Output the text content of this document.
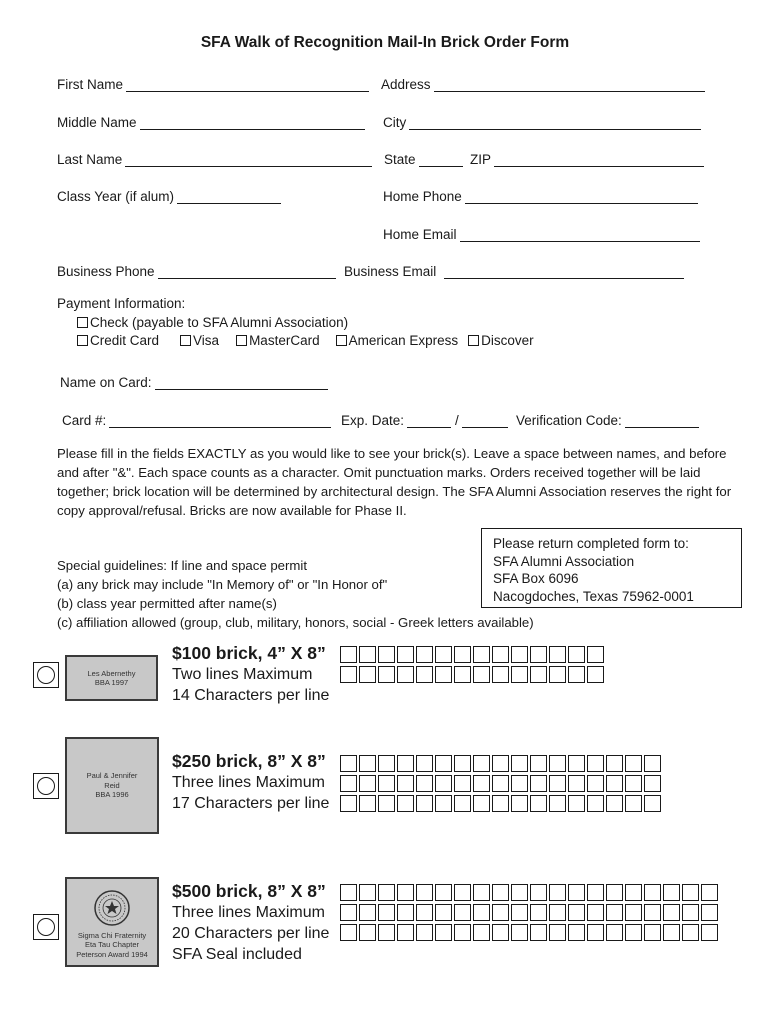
SFA Walk of Recognition Mail-In Brick Order Form
First Name	Address
Middle Name	City
Last Name	State	ZIP
Class Year (if alum)	Home Phone
Home Email
Business Phone	Business Email
Payment Information:
Check (payable to SFA Alumni Association)
Credit Card	Visa MasterCard American Express Discover
Name on Card:
Card #:	Exp. Date:	/	Verification Code:
Please fill in the fields EXACTLY as you would like to see your brick(s). Leave a space between names, and before and after "&". Each space counts as a character. Omit punctuation marks. Orders received together will be laid together; brick location will be determined by architectural design. The SFA Alumni Association reserves the right for copy approval/refusal. Bricks are now available for Phase II.
Please return completed form to:
SFA Alumni Association
SFA Box 6096
Nacogdoches, Texas 75962-0001
Special guidelines: If line and space permit
(a) any brick may include "In Memory of" or "In Honor of"
(b) class year permitted after name(s)
(c) affiliation allowed (group, club, military, honors, social - Greek letters available)
Les Abernethy
BBA 1997
$100 brick, 4” X 8”
Two lines Maximum
14 Characters per line
Paul & Jennifer
Reid
BBA 1996
$250 brick, 8” X 8”
Three lines Maximum
17 Characters per line
Sigma Chi Fraternity
Eta Tau Chapter
Peterson Award 1994
$500 brick, 8” X 8”
Three lines Maximum
20 Characters per line
SFA Seal included
